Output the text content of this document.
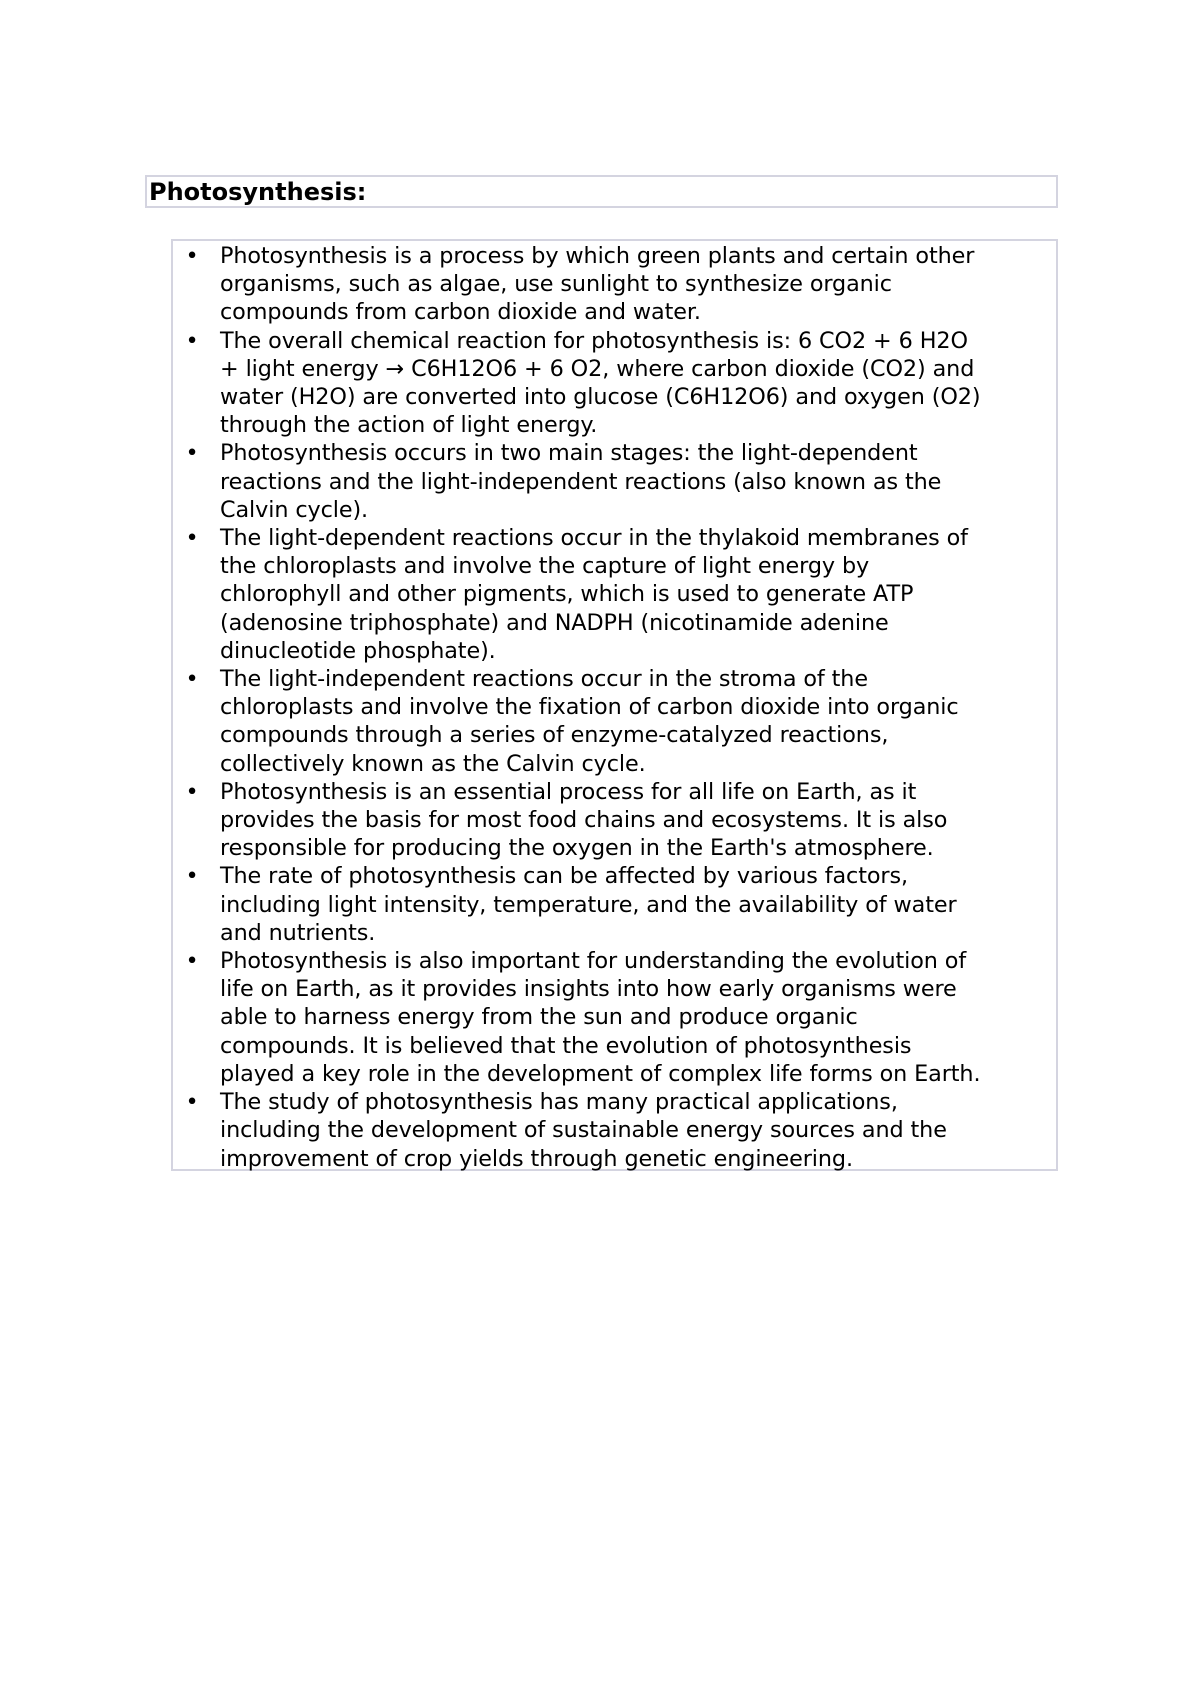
Photosynthesis:
• Photosynthesis is a process by which green plants and certain other
organisms, such as algae, use sunlight to synthesize organic
compounds from carbon dioxide and water.
• The overall chemical reaction for photosynthesis is: 6 CO2 + 6 H2O
+ light energy → C6H12O6 + 6 O2, where carbon dioxide (CO2) and
water (H2O) are converted into glucose (C6H12O6) and oxygen (O2)
through the action of light energy.
• Photosynthesis occurs in two main stages: the light-dependent
reactions and the light-independent reactions (also known as the
Calvin cycle).
• The light-dependent reactions occur in the thylakoid membranes of
the chloroplasts and involve the capture of light energy by
chlorophyll and other pigments, which is used to generate ATP
(adenosine triphosphate) and NADPH (nicotinamide adenine
dinucleotide phosphate).
• The light-independent reactions occur in the stroma of the
chloroplasts and involve the fixation of carbon dioxide into organic
compounds through a series of enzyme-catalyzed reactions,
collectively known as the Calvin cycle.
• Photosynthesis is an essential process for all life on Earth, as it
provides the basis for most food chains and ecosystems. It is also
responsible for producing the oxygen in the Earth's atmosphere.
• The rate of photosynthesis can be affected by various factors,
including light intensity, temperature, and the availability of water
and nutrients.
• Photosynthesis is also important for understanding the evolution of
life on Earth, as it provides insights into how early organisms were
able to harness energy from the sun and produce organic
compounds. It is believed that the evolution of photosynthesis
played a key role in the development of complex life forms on Earth.
• The study of photosynthesis has many practical applications,
including the development of sustainable energy sources and the
improvement of crop yields through genetic engineering.
